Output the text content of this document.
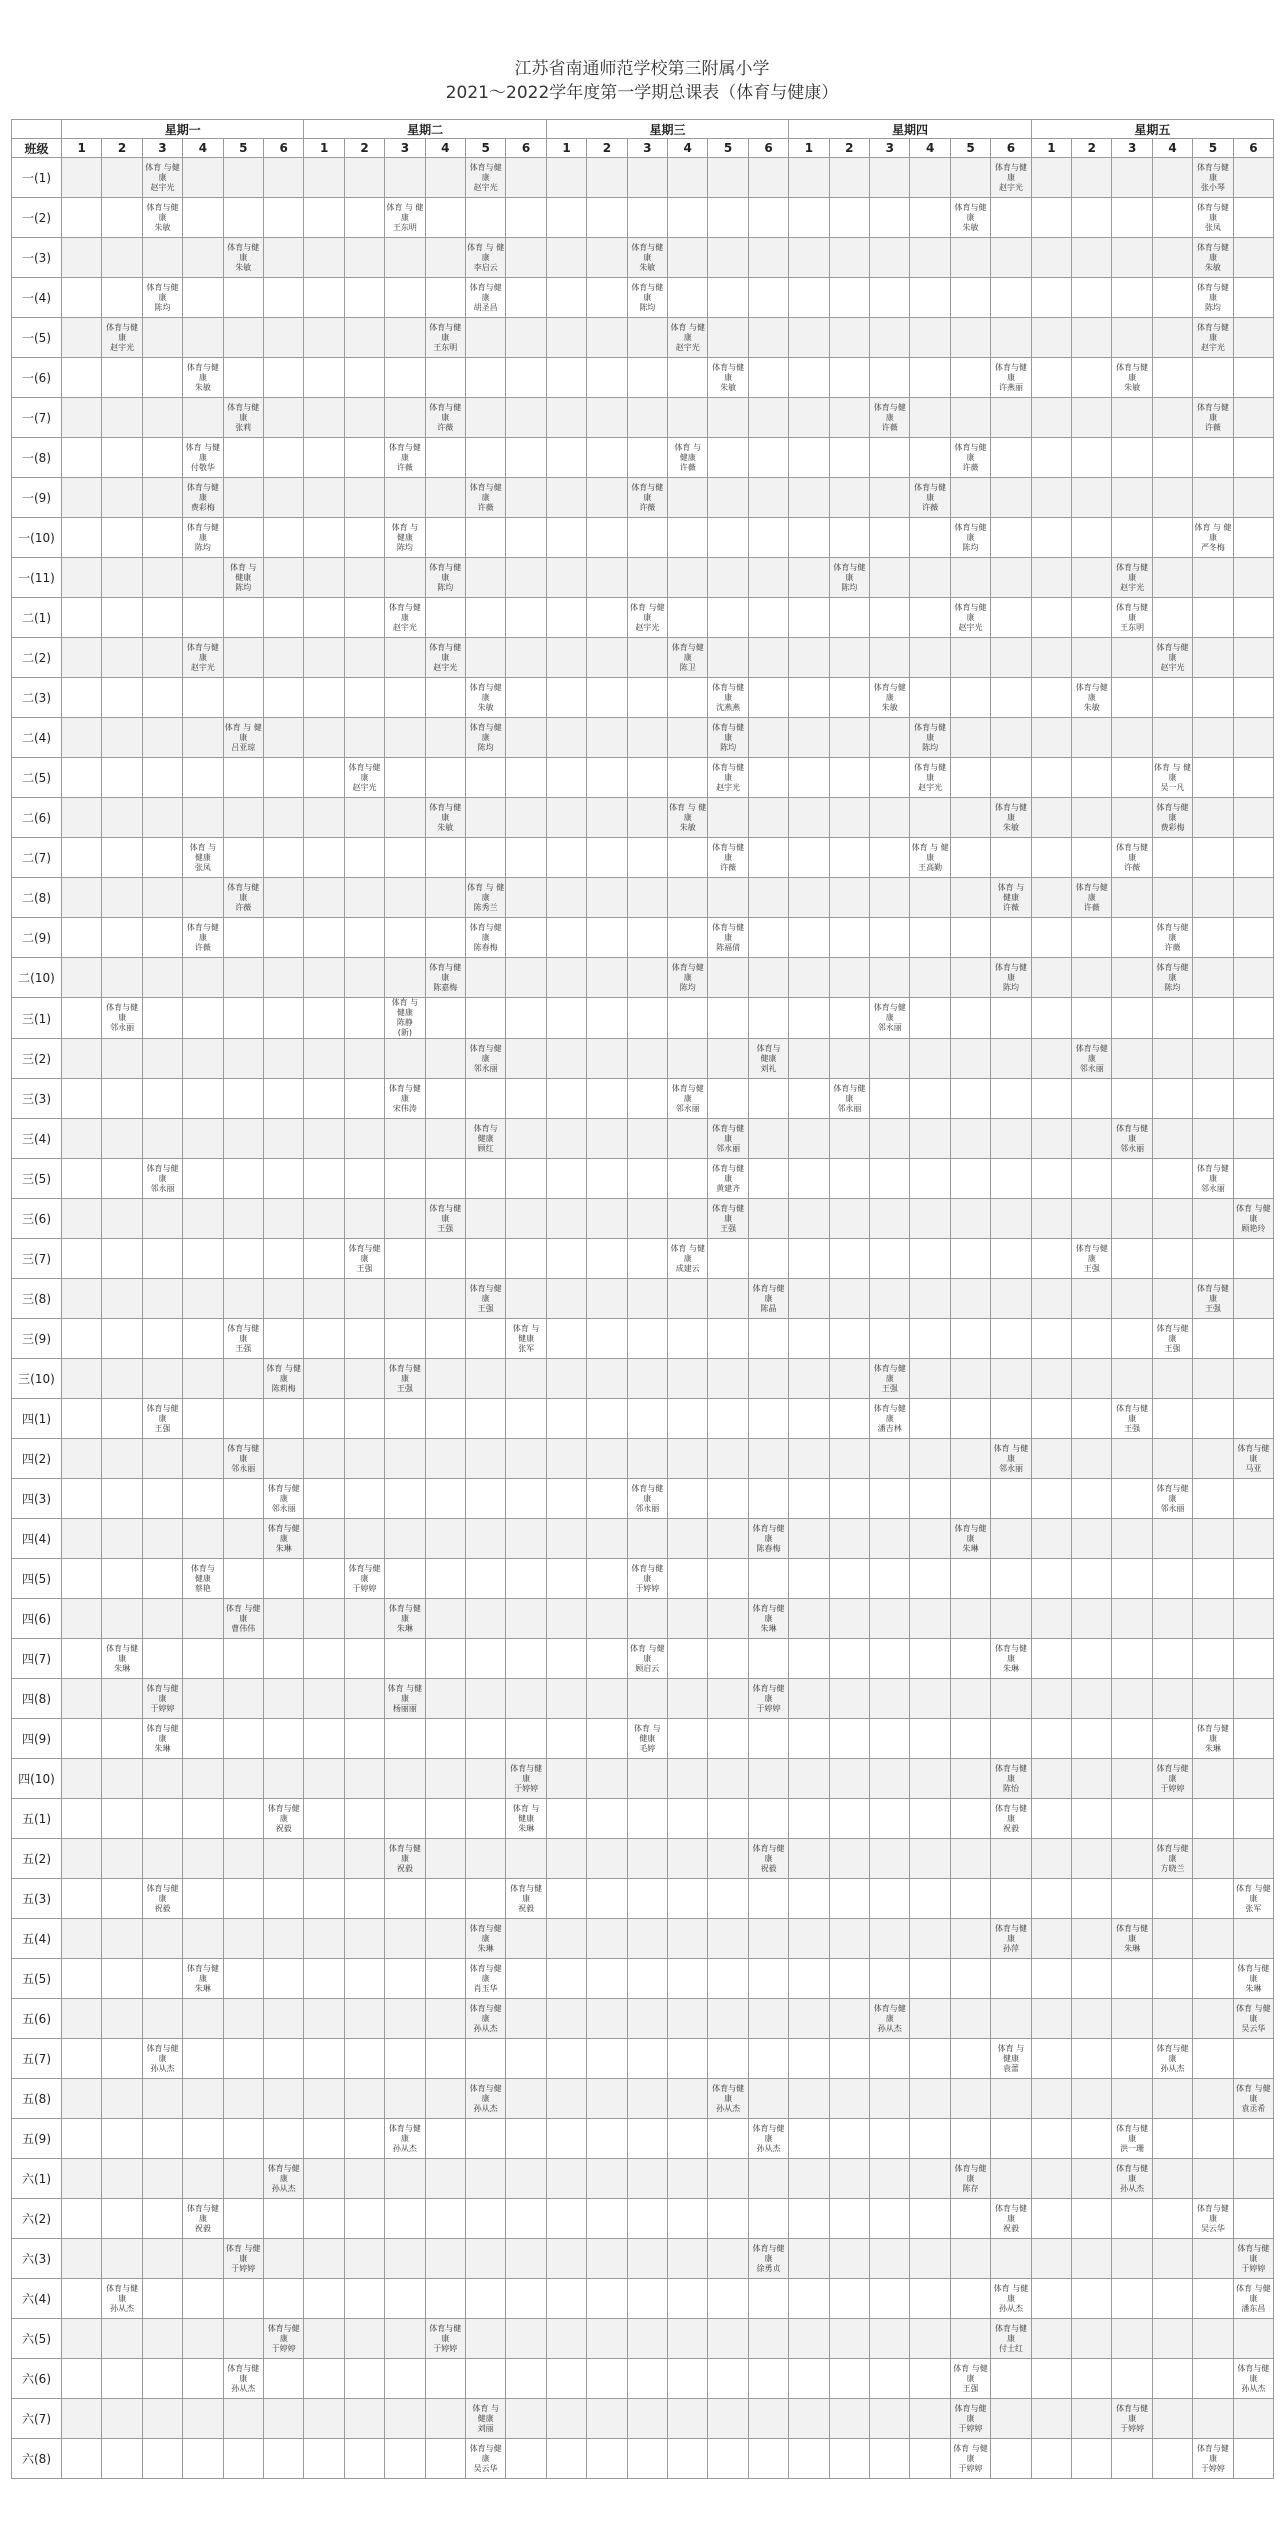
江苏省南通师范学校第三附属小学
2021～2022学年度第一学期总课表（体育与健康）
	星期一						星期二						星期三						星期四						星期五					
班级	1	2	3	4	5	6	1	2	3	4	5	6	1	2	3	4	5	6	1	2	3	4	5	6	1	2	3	4	5	6
一(1)			体育 与健
康
赵宇光								体育与健
康
赵宇光													体育与健
康
赵宇光					体育与健
康
张小琴	

一(2)			体育与健康
朱敏						体育 与 健
康
王东明														体育与健
康
朱敏						体育与健
康
张凤	

一(3)					体育与健
康
朱敏						体育 与 健
康
李启云				体育与健
康
朱敏														体育与健
康
朱敏	

一(4)			体育与健
康
陈均								体育与健
康
胡圣昌				体育与健
康
陈均														体育与健
康
陈均	

一(5)		体育与健
康
赵宇光								体育与健
康
王东明						体育 与健
康
赵宇光													体育与健
康
赵宇光	

一(6)				体育与健
康
朱敏													体育与健
康
朱敏							体育与健康
许燕丽			体育与健
康
朱敏			

一(7)					体育与健
康
张莉					体育与健康
许薇											体育与健
康
许薇								体育与健康
许薇	

一(8)				体育 与健
康
付敬华					体育与健康
许薇							体育 与
健康
许薇							体育与健
康
许薇							

一(9)				体育与健
康
费彩梅							体育与健
康
许薇				体育与健
康
许薇							体育与健
康
许薇								

一(10)				体育与健
康
陈均					体育 与
健康
陈均														体育与健
康
陈均						体育 与 健
康
严冬梅	

一(11)					体育 与
健康
陈均					体育与健
康
陈均										体育与健康
陈均							体育与健
康
赵宇光			

二(1)									体育与健
康
赵宇光						体育 与健
康
赵宇光								体育与健
康
赵宇光				体育与健
康
王东明			

二(2)				体育与健
康
赵宇光						体育与健
康
赵宇光						体育与健
康
陈卫												体育与健
康
赵宇光		

二(3)											体育与健
康
朱敏						体育与健
康
沈燕燕				体育与健
康
朱敏					体育与健
康
朱敏				

二(4)					体育 与 健
康
吕亚琼						体育与健
康
陈均						体育与健
康
陈均					体育与健
康
陈均								

二(5)								体育与健
康
赵宇光									体育与健
康
赵宇光					体育与健
康
赵宇光						体育 与 健
康
吴一凡		

二(6)										体育与健
康
朱敏						体育 与 健
康
朱敏								体育与健
康
朱敏				体育与健
康
费彩梅		

二(7)				体育 与
健康
张凤													体育与健
康
许薇					体育 与 健
康
王高勤					体育与健
康
许薇			

二(8)					体育与健
康
许薇						体育 与 健
康
陈秀兰													体育 与
健康
许薇		体育与健
康
许薇				

二(9)				体育与健
康
许薇							体育与健
康
陈春梅						体育与健
康
陈福倩											体育与健
康
许薇		

二(10)										体育与健
康
陈嘉梅						体育与健
康
陈均								体育与健
康
陈均				体育与健
康
陈均		

三(1)		体育与健
康
邻永丽							体育 与
健康
陈静
(新)												体育与健
康
邻永丽									

三(2)											体育与健
康
邻永丽							体育与
健康
刘礼								体育与健
康
邻永丽				

三(3)									体育与健
康
宋伟涛							体育与健
康
邻永丽				体育与健
康
邻永丽										

三(4)											体育与
健康
顾红						体育与健
康
邻永丽										体育与健
康
邻永丽			

三(5)			体育与健
康
邻永丽														体育与健
康
黄建齐												体育与健
康
邻永丽	

三(6)										体育与健
康
王强							体育与健
康
王强													体育 与健
康
顾艳玲

三(7)								体育与健
康
王强								体育 与健
康
成建云										体育与健
康
王强				

三(8)											体育与健
康
王强							体育与健
康
陈晶											体育与健
康
王强	

三(9)					体育与健
康
王强							体育 与
健康
张军																体育与健
康
王强		

三(10)						体育 与健
康
陈莉梅			体育与健
康
王强												体育与健
康
王强									

四(1)			体育与健
康
王强																		体育与健
康
潘吉林						体育与健
康
王强			

四(2)					体育与健
康
邻永丽																			体育 与健
康
邻永丽						体育与健
康
马亚

四(3)						体育与健
康
邻永丽									体育与健
康
邻永丽													体育与健
康
邻永丽		

四(4)						体育与健
康
朱琳												体育与健
康
陈春梅					体育与健
康
朱琳							

四(5)				体育与
健康
蔡艳				体育与健
康
于婷婷							体育与健
康
于婷婷															

四(6)					体育 与健
康
曹伟伟				体育与健
康
朱琳									体育与健
康
朱琳												

四(7)		体育与健
康
朱琳													体育 与健
康
顾启云									体育与健
康
朱琳						

四(8)			体育与健
康
于婷婷						体育 与健
康
杨丽丽									体育与健
康
于婷婷												

四(9)			体育与健
康
朱琳												体育 与
健康
毛婷														体育与健
康
朱琳	

四(10)												体育与健
康
于婷婷												体育与健
康
陈怡				体育与健
康
于婷婷		

五(1)						体育与健
康
祝毅						体育 与
健康
朱琳												体育与健
康
祝毅						

五(2)									体育与健
康
祝毅									体育与健
康
祝毅										体育与健
康
方晓兰		

五(3)			体育与健
康
祝毅									体育与健
康
祝毅																		体育 与健
康
张军

五(4)											体育与健
康
朱琳													体育与健
康
孙萍			体育与健
康
朱琳			

五(5)				体育与健
康
朱琳							体育与健
康
肖玉华																			体育与健
康
朱琳

五(6)											体育与健
康
孙从杰										体育与健
康
孙从杰									体育 与健
康
吴云华

五(7)			体育与健
康
孙从杰																					体育 与
健康
袁蕾				体育与健
康
孙从杰		

五(8)											体育与健
康
孙从杰						体育与健
康
孙从杰													体育 与健
康
袁丞希

五(9)									体育与健
康
孙从杰									体育与健
康
孙从杰									体育与健
康
洪一珊			

六(1)						体育与健
康
孙从杰																	体育与健
康
陈存				体育与健
康
孙从杰			

六(2)				体育与健
康
祝毅																				体育与健
康
祝毅					体育与健
康
吴云华	

六(3)					体育 与健
康
于婷婷													体育与健
康
徐勇贞												体育与健
康
于婷婷

六(4)		体育与健
康
孙从杰																						体育 与健
康
孙从杰						体育 与健
康
潘东昌

六(5)						体育与健
康
于婷婷				体育与健
康
于婷婷														体育与健
康
付士红						

六(6)					体育与健
康
孙从杰																		体育 与健
康
王强							体育与健
康
孙从杰

六(7)											体育 与
健康
刘丽												体育与健
康
于婷婷				体育与健
康
于婷婷			

六(8)											体育与健
康
吴云华												体育 与健
康
于婷婷						体育与健
康
于婷婷	
